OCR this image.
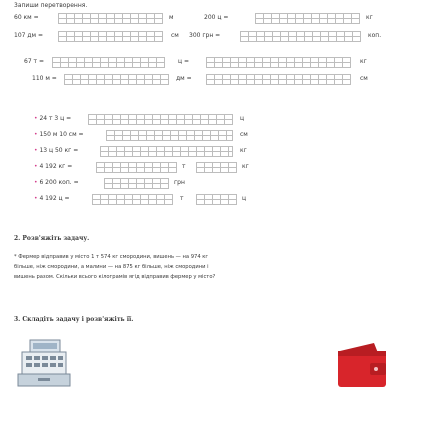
3апиши перетворення.
60 км =	м	200 ц =	кг
107 дм =	см 300 грн =	коп.
67 т =	ц =	кг
110 м =	дм =	см
• 24 т 3 ц =	ц
• 150 м 10 см =	см
• 13 ц 50 кг =	кг
• 4 192 кг =	т	кг
• 6 200 коп. =	грн
• 4 192 ц =	т	ц
2. Розв'яжіть задачу.
* Фермер відправив у місто 1 т 574 кг смородини, вишень — на 974 кг
більше, ніж смородини, а малини — на 875 кг більше, ніж смородини і
вишень разом. Скільки всього кілограмів ягід відправив фермер у місто?
3. Складіть задачу і розв'яжіть її.
